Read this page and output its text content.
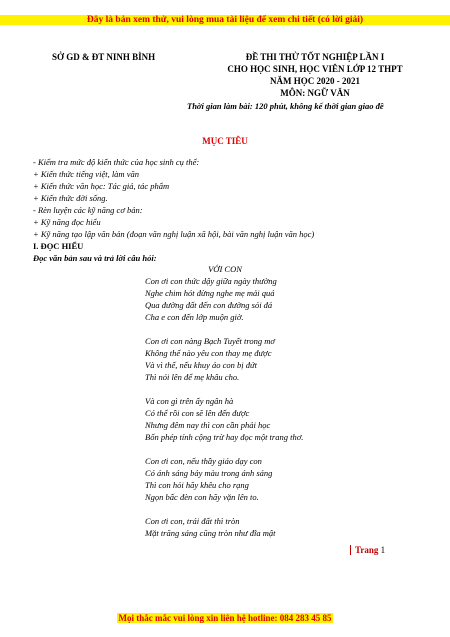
Đây là bản xem thử, vui lòng mua tài liệu để xem chi tiết (có lời giải)
SỞ GD & ĐT NINH BÌNH	ĐỀ THI THỬ TỐT NGHIỆP LẦN I
CHO HỌC SINH, HỌC VIÊN LỚP 12 THPT
NĂM HỌC 2020 - 2021
MÔN: NGỮ VĂN
Thời gian làm bài: 120 phút, không kể thời gian giao đề
MỤC TIÊU
- Kiểm tra mức độ kiến thức của học sinh cụ thể:
+ Kiến thức tiếng việt, làm văn
+ Kiến thức văn học: Tác giả, tác phẩm
+ Kiến thức đời sống.
- Rèn luyện các kỹ năng cơ bản:
+ Kỹ năng đọc hiểu
+ Kỹ năng tạo lập văn bản (đoạn văn nghị luận xã hội, bài văn nghị luận văn học)
I. ĐỌC HIỂU
Đọc văn bản sau và trả lời câu hỏi:
VỚI CON
Con ơi con thức dậy giữa ngày thường
Nghe chim hót đừng nghe mẹ mải quá
Qua đường đất đến con đường sỏi đá
Cha e con đến lớp muộn giờ.
Con ơi con nàng Bạch Tuyết trong mơ
Không thể nào yêu con thay mẹ được
Và vì thế, nếu khuy áo con bị đứt
Thì nói lên để mẹ khâu cho.
Và con gì trên ấy ngân hà
Có thể rồi con sẽ lên đến được
Nhưng đêm nay thì con cần phải học
Bốn phép tính cộng trừ hay đọc một trang thơ.
Con ơi con, nếu thầy giáo dạy con
Có ánh sáng bảy màu trong ánh sáng
Thì con hỏi hãy khêu cho rạng
Ngọn bấc đèn con hãy vặn lên to.
Con ơi con, trái đất thì tròn
Mặt trăng sáng cũng tròn như đĩa mật
Trang 1
Mọi thắc mắc vui lòng xin liên hệ hotline: 084 283 45 85
